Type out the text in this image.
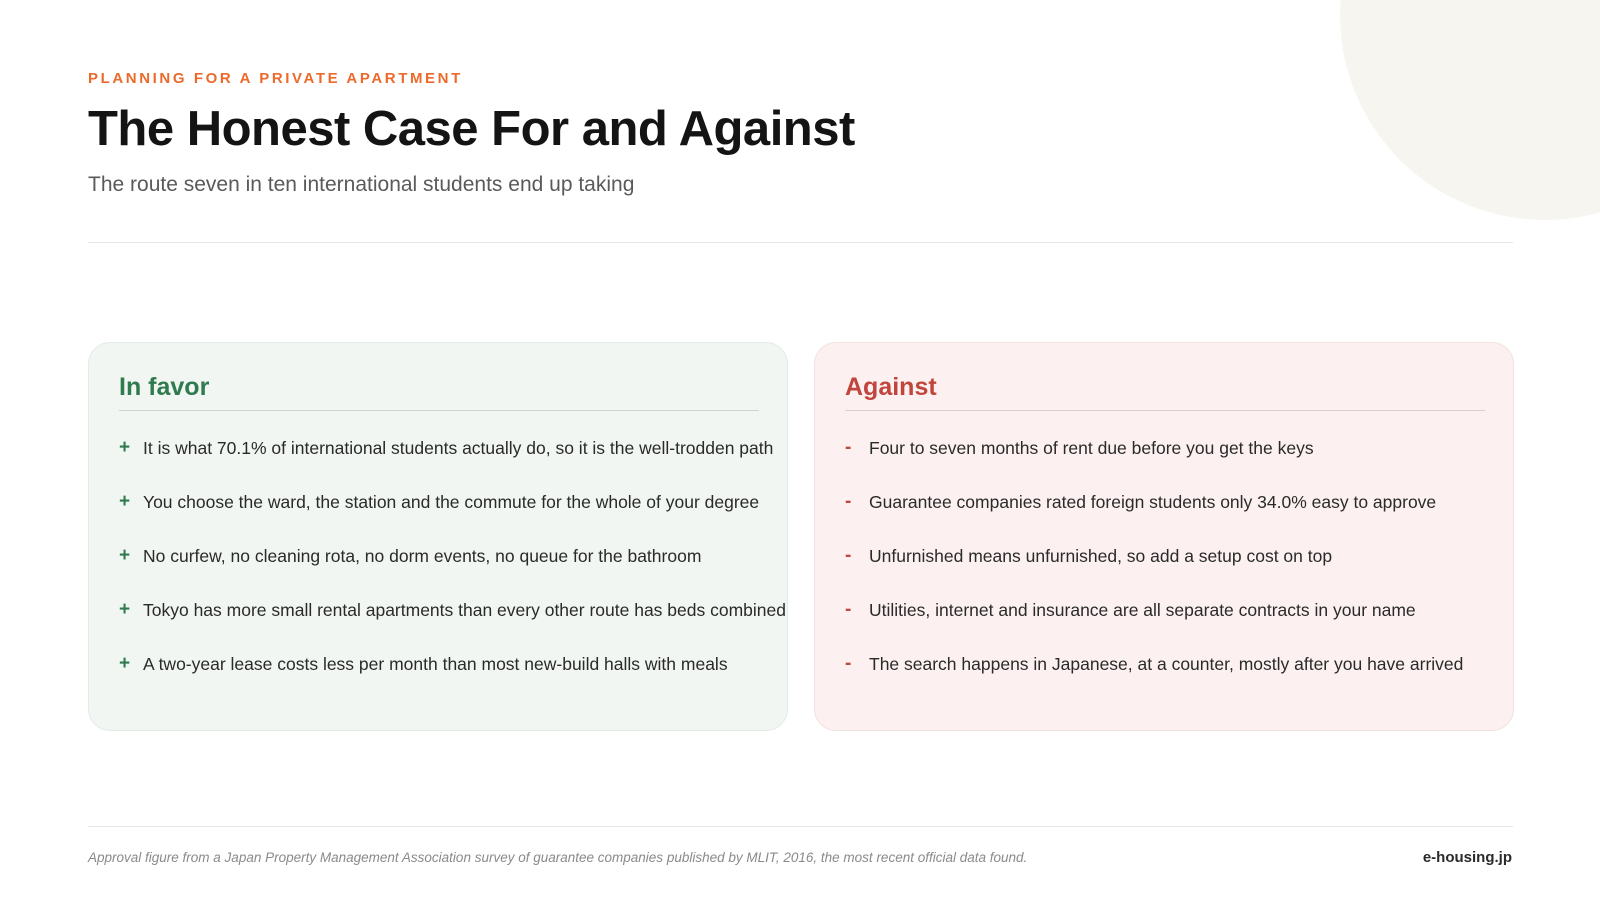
PLANNING FOR A PRIVATE APARTMENT
The Honest Case For and Against
The route seven in ten international students end up taking
In favor
+ It is what 70.1% of international students actually do, so it is the well-trodden path
+ You choose the ward, the station and the commute for the whole of your degree
+ No curfew, no cleaning rota, no dorm events, no queue for the bathroom
+ Tokyo has more small rental apartments than every other route has beds combined
+ A two-year lease costs less per month than most new-build halls with meals
Against
-	Four to seven months of rent due before you get the keys
-	Guarantee companies rated foreign students only 34.0% easy to approve
-	Unfurnished means unfurnished, so add a setup cost on top
-	Utilities, internet and insurance are all separate contracts in your name
-	The search happens in Japanese, at a counter, mostly after you have arrived
Approval figure from a Japan Property Management Association survey of guarantee companies published by MLIT, 2016, the most recent official data found.	e-housing.jp
